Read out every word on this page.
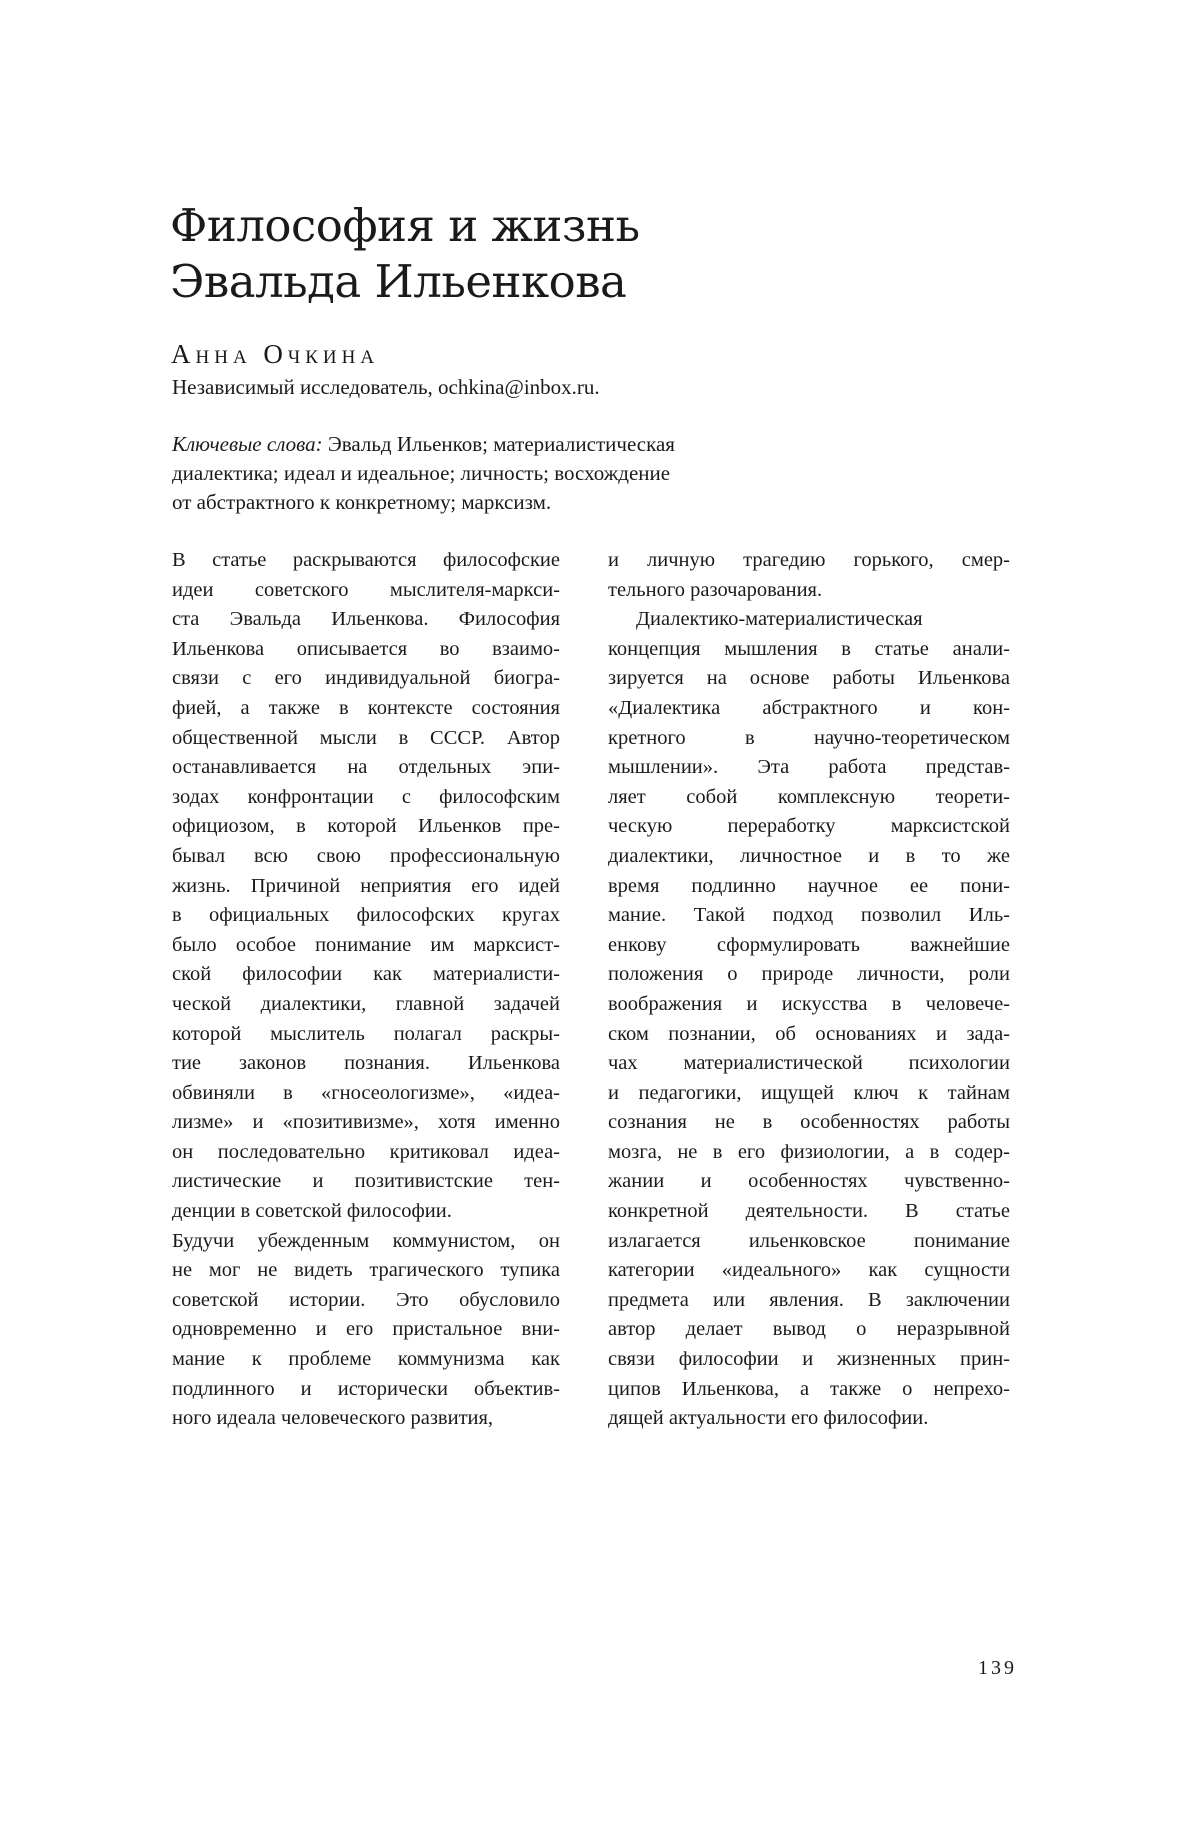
Философия и жизнь
Эвальда Ильенкова
Анна Очкина

Независимый исследователь, ochkina@inbox.ru.

Ключевые слова: Эвальд Ильенков; материалистическая
диалектика; идеал и идеальное; личность; восхождение
от абстрактного к конкретному; марксизм.

В статье раскрываются философские
идеи советского мыслителя-маркси-
ста Эвальда Ильенкова. Философия
Ильенкова описывается во взаимо-
связи с его индивидуальной биогра-
фией, а также в контексте состояния
общественной мысли в СССР. Автор
останавливается на отдельных эпи-
зодах конфронтации с философским
официозом, в которой Ильенков пре-
бывал всю свою профессиональную
жизнь. Причиной неприятия его идей
в официальных философских кругах
было особое понимание им марксист-
ской философии как материалисти-
ческой диалектики, главной задачей
которой мыслитель полагал раскры-
тие законов познания. Ильенкова
обвиняли в «гносеологизме», «идеа-
лизме» и «позитивизме», хотя именно
он последовательно критиковал идеа-
листические и позитивистские тен-
денции в советской философии.
Будучи убежденным коммунистом, он
не мог не видеть трагического тупика
советской истории. Это обусловило
одновременно и его пристальное вни-
мание к проблеме коммунизма как
подлинного и исторически объектив-
ного идеала человеческого развития,
и личную трагедию горького, смер-
тельного разочарования.
Диалектико-материалистическая
концепция мышления в статье анали-
зируется на основе работы Ильенкова
«Диалектика абстрактного и кон-
кретного в научно-теоретическом
мышлении». Эта работа представ-
ляет собой комплексную теорети-
ческую переработку марксистской
диалектики, личностное и в то же
время подлинно научное ее пони-
мание. Такой подход позволил Иль-
енкову сформулировать важнейшие
положения о природе личности, роли
воображения и искусства в человече-
ском познании, об основаниях и зада-
чах материалистической психологии
и педагогики, ищущей ключ к тайнам
сознания не в особенностях работы
мозга, не в его физиологии, а в содер-
жании и особенностях чувственно-
конкретной деятельности. В статье
излагается ильенковское понимание
категории «идеального» как сущности
предмета или явления. В заключении
автор делает вывод о неразрывной
связи философии и жизненных прин-
ципов Ильенкова, а также о непрехо-
дящей актуальности его философии.

139
